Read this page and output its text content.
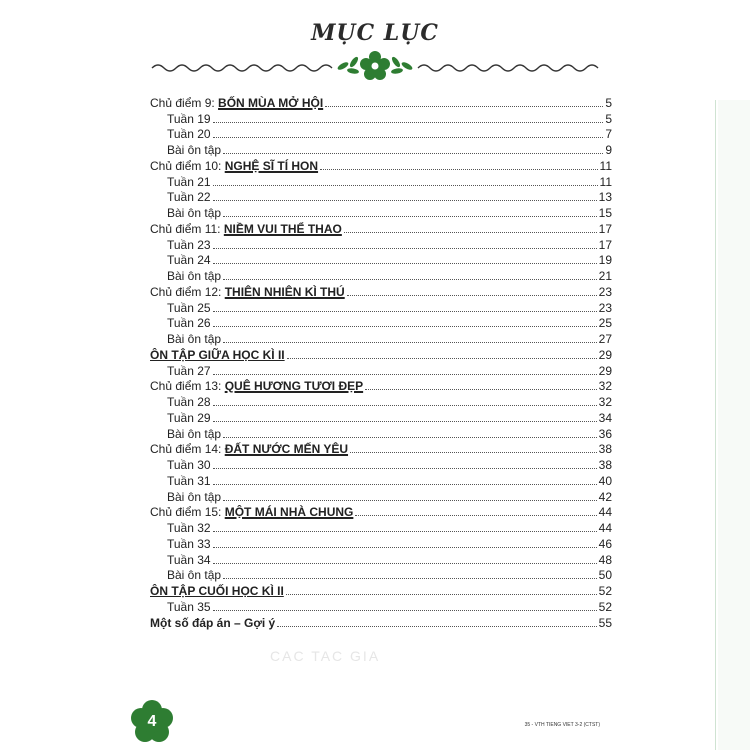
MỤC LỤC
CAC TAC GIA
Chủ điểm 9: BỐN MÙA MỞ HỘI	5
Tuần 19	5
Tuần 20	7
Bài ôn tập	9
Chủ điểm 10: NGHỆ SĨ TÍ HON	11
Tuần 21	11
Tuần 22	13
Bài ôn tập	15
Chủ điểm 11: NIỀM VUI THỂ THAO	17
Tuần 23	17
Tuần 24	19
Bài ôn tập	21
Chủ điểm 12: THIÊN NHIÊN KÌ THÚ	23
Tuần 25	23
Tuần 26	25
Bài ôn tập	27
ÔN TẬP GIỮA HỌC KÌ II	29
Tuần 27	29
Chủ điểm 13: QUÊ HƯƠNG TƯƠI ĐẸP	32
Tuần 28	32
Tuần 29	34
Bài ôn tập	36
Chủ điểm 14: ĐẤT NƯỚC MẾN YÊU	38
Tuần 30	38
Tuần 31	40
Bài ôn tập	42
Chủ điểm 15: MỘT MÁI NHÀ CHUNG	44
Tuần 32	44
Tuần 33	46
Tuần 34	48
Bài ôn tập	50
ÔN TẬP CUỐI HỌC KÌ II	52
Tuần 35	52
Một số đáp án – Gợi ý	55
4	35 - VTH TIENG VIET 3-2 (CTST)
